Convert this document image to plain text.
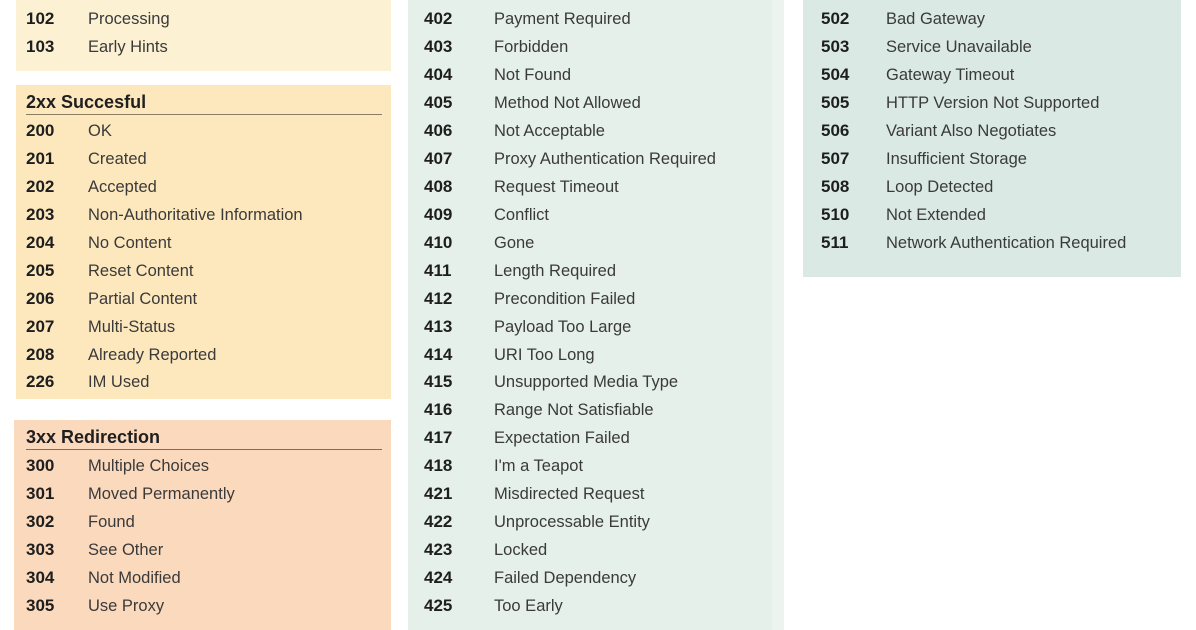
2xx Succesful
3xx Redirection
102 Processing
103 Early Hints
200 OK
201 Created
202 Accepted
203 Non-Authoritative Information
204 No Content
205 Reset Content
206 Partial Content
207 Multi-Status
208 Already Reported
226 IM Used
300 Multiple Choices
301 Moved Permanently
302 Found
303 See Other
304 Not Modified
305 Use Proxy
402	Payment Required
403	Forbidden
404	Not Found
405	Method Not Allowed
406	Not Acceptable
407	Proxy Authentication Required
408	Request Timeout
409	Conflict
410	Gone
411	Length Required
412	Precondition Failed
413	Payload Too Large
414	URI Too Long
415	Unsupported Media Type
416	Range Not Satisfiable
417	Expectation Failed
418	I'm a Teapot
421	Misdirected Request
422	Unprocessable Entity
423	Locked
424	Failed Dependency
425	Too Early
502 Bad Gateway
503 Service Unavailable
504 Gateway Timeout
505 HTTP Version Not Supported
506 Variant Also Negotiates
507 Insufficient Storage
508 Loop Detected
510 Not Extended
511 Network Authentication Required
